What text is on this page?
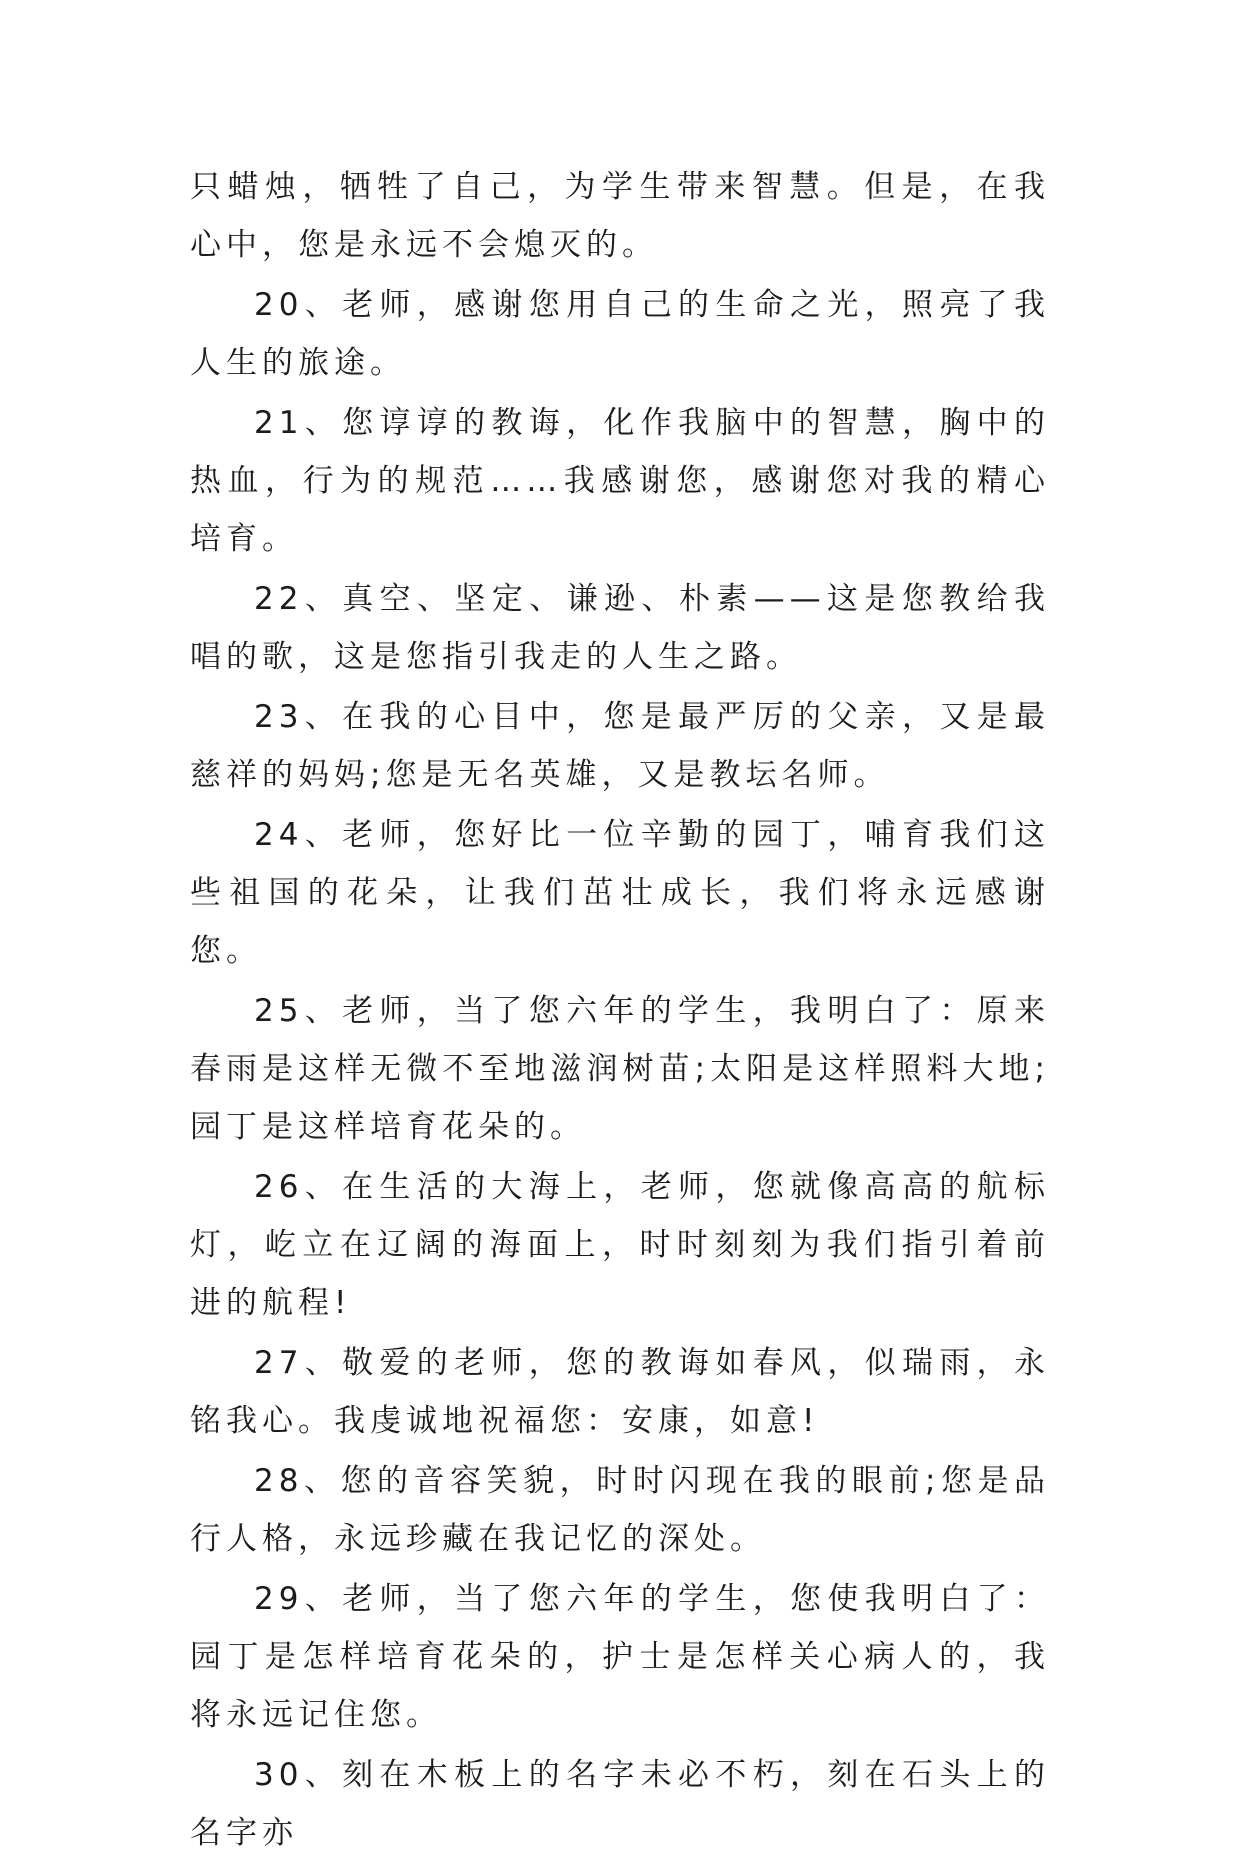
只蜡烛，牺牲了自己，为学生带来智慧。但是，在我心中，您是永远不会熄灭的。

20、老师，感谢您用自己的生命之光，照亮了我人生的旅途。

21、您谆谆的教诲，化作我脑中的智慧，胸中的热血，行为的规范……我感谢您，感谢您对我的精心培育。

22、真空、坚定、谦逊、朴素——这是您教给我唱的歌，这是您指引我走的人生之路。

23、在我的心目中，您是最严厉的父亲，又是最慈祥的妈妈;您是无名英雄，又是教坛名师。

24、老师，您好比一位辛勤的园丁，哺育我们这些祖国的花朵，让我们茁壮成长，我们将永远感谢您。

25、老师，当了您六年的学生，我明白了：原来春雨是这样无微不至地滋润树苗;太阳是这样照料大地;园丁是这样培育花朵的。

26、在生活的大海上，老师，您就像高高的航标灯，屹立在辽阔的海面上，时时刻刻为我们指引着前进的航程!

27、敬爱的老师，您的教诲如春风，似瑞雨，永铭我心。我虔诚地祝福您：安康，如意!

28、您的音容笑貌，时时闪现在我的眼前;您是品行人格，永远珍藏在我记忆的深处。

29、老师，当了您六年的学生，您使我明白了：园丁是怎样培育花朵的，护士是怎样关心病人的，我将永远记住您。

30、刻在木板上的名字未必不朽，刻在石头上的名字亦
